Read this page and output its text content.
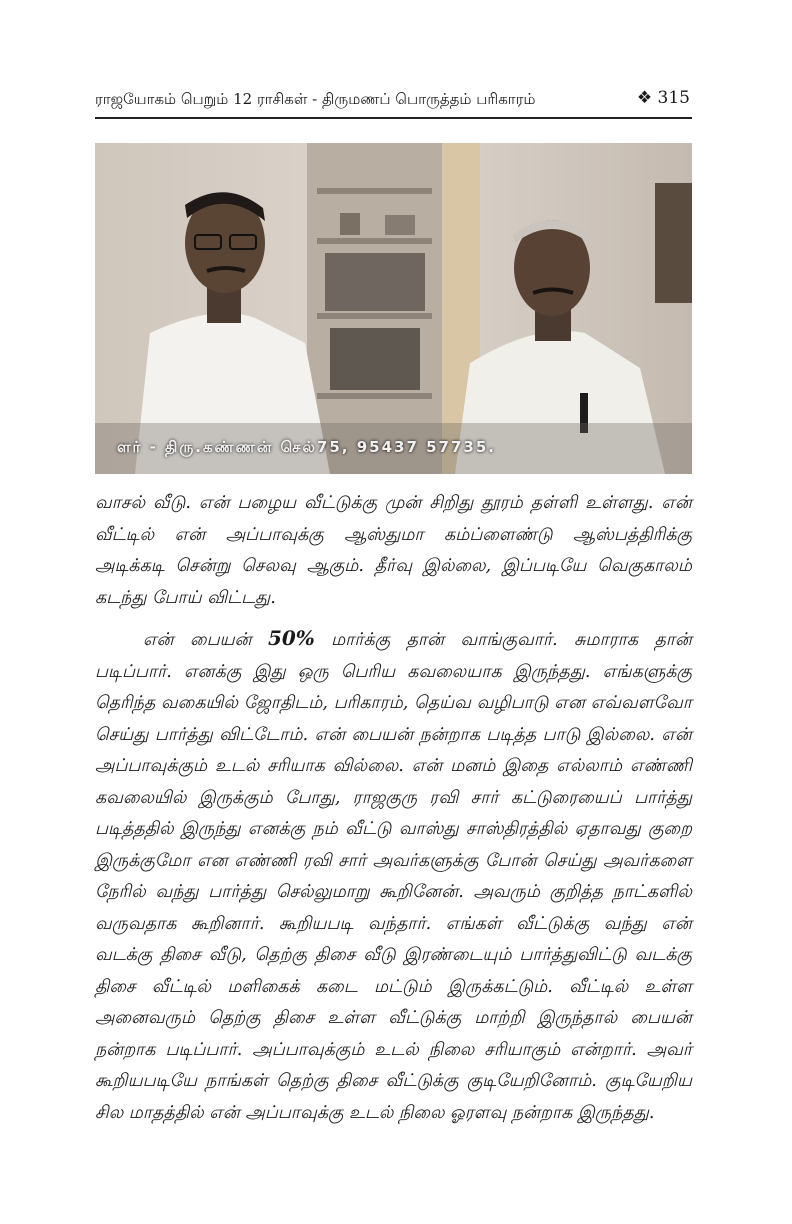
ராஜயோகம் பெறும் 12 ராசிகள் - திருமணப் பொருத்தம் பரிகாரம்	❖ 315
ளர் - திரு.கண்ணன் செல்75, 95437 57735.

வாசல் வீடு. என் பழைய வீட்டுக்கு முன் சிறிது தூரம் தள்ளி உள்ளது. என் வீட்டில் என் அப்பாவுக்கு ஆஸ்துமா கம்ப்ளைண்டு ஆஸ்பத்திரிக்கு அடிக்கடி சென்று செலவு ஆகும். தீர்வு இல்லை, இப்படியே வெகுகாலம் கடந்து போய் விட்டது.

என் பையன் 50% மார்க்கு தான் வாங்குவார். சுமாராக தான் படிப்பார். எனக்கு இது ஒரு பெரிய கவலையாக இருந்தது. எங்களுக்கு தெரிந்த வகையில் ஜோதிடம், பரிகாரம், தெய்வ வழிபாடு என எவ்வளவோ செய்து பார்த்து விட்டோம். என் பையன் நன்றாக படித்த பாடு இல்லை. என் அப்பாவுக்கும் உடல் சரியாக வில்லை. என் மனம் இதை எல்லாம் எண்ணி கவலையில் இருக்கும் போது, ராஜகுரு ரவி சார் கட்டுரையைப் பார்த்து படித்ததில் இருந்து எனக்கு நம் வீட்டு வாஸ்து சாஸ்திரத்தில் ஏதாவது குறை இருக்குமோ என எண்ணி ரவி சார் அவர்களுக்கு போன் செய்து அவர்களை நேரில் வந்து பார்த்து செல்லுமாறு கூறினேன். அவரும் குறித்த நாட்களில் வருவதாக கூறினார். கூறியபடி வந்தார். எங்கள் வீட்டுக்கு வந்து என் வடக்கு திசை வீடு, தெற்கு திசை வீடு இரண்டையும் பார்த்துவிட்டு வடக்கு திசை வீட்டில் மளிகைக் கடை மட்டும் இருக்கட்டும். வீட்டில் உள்ள அனைவரும் தெற்கு திசை உள்ள வீட்டுக்கு மாற்றி இருந்தால் பையன் நன்றாக படிப்பார். அப்பாவுக்கும் உடல் நிலை சரியாகும் என்றார். அவர் கூறியபடியே நாங்கள் தெற்கு திசை வீட்டுக்கு குடியேறினோம். குடியேறிய சில மாதத்தில் என் அப்பாவுக்கு உடல் நிலை ஓரளவு நன்றாக இருந்தது.
